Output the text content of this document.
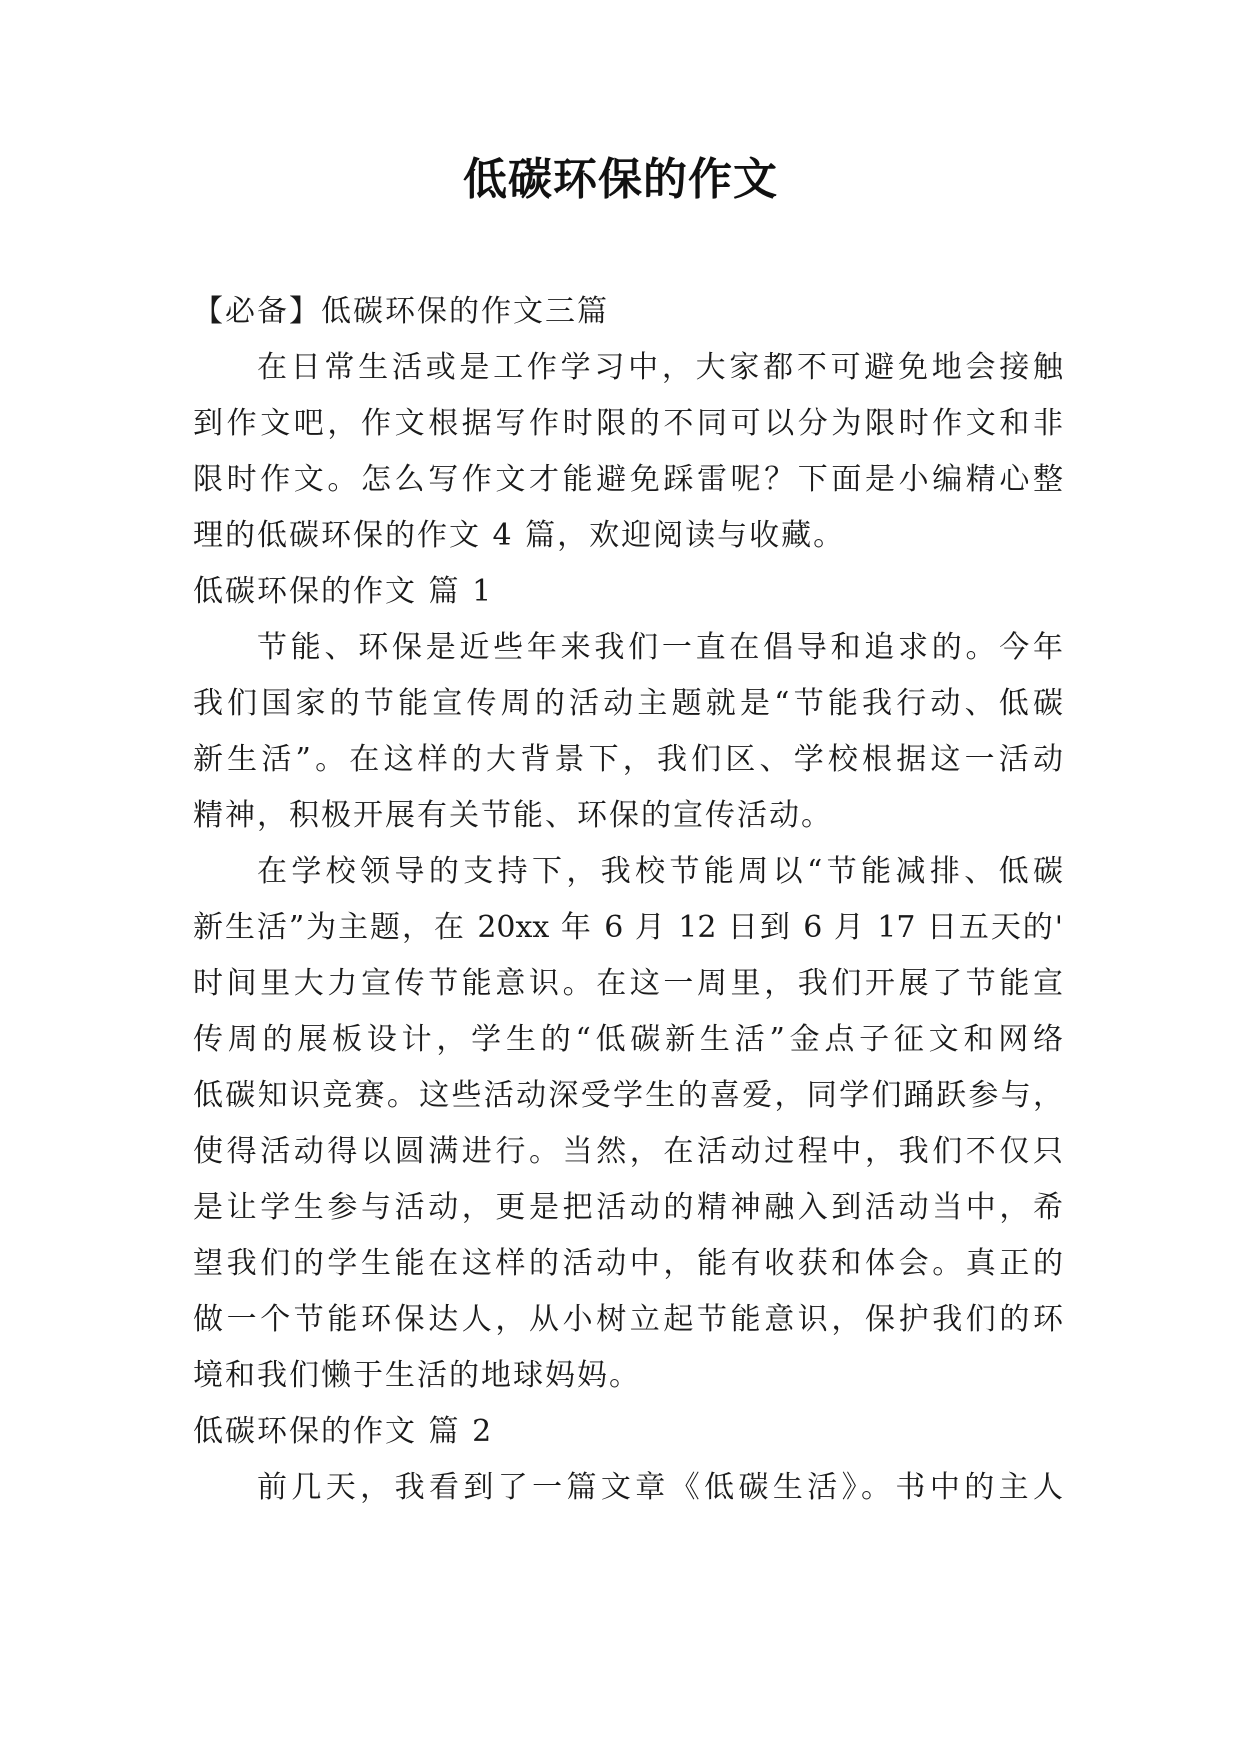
低碳环保的作文
【必备】低碳环保的作文三篇
在日常生活或是工作学习中，大家都不可避免地会接触
到作文吧，作文根据写作时限的不同可以分为限时作文和非
限时作文。怎么写作文才能避免踩雷呢？下面是小编精心整
理的低碳环保的作文 4 篇，欢迎阅读与收藏。
低碳环保的作文 篇 1
节能、环保是近些年来我们一直在倡导和追求的。今年
我们国家的节能宣传周的活动主题就是“节能我行动、低碳
新生活”。在这样的大背景下，我们区、学校根据这一活动
精神，积极开展有关节能、环保的宣传活动。
在学校领导的支持下，我校节能周以“节能减排、低碳
新生活”为主题，在 20xx 年 6 月 12 日到 6 月 17 日五天的'
时间里大力宣传节能意识。在这一周里，我们开展了节能宣
传周的展板设计，学生的“低碳新生活”金点子征文和网络
低碳知识竞赛。这些活动深受学生的喜爱，同学们踊跃参与，
使得活动得以圆满进行。当然，在活动过程中，我们不仅只
是让学生参与活动，更是把活动的精神融入到活动当中，希
望我们的学生能在这样的活动中，能有收获和体会。真正的
做一个节能环保达人，从小树立起节能意识，保护我们的环
境和我们懒于生活的地球妈妈。
低碳环保的作文 篇 2
前几天，我看到了一篇文章《低碳生活》。书中的主人
